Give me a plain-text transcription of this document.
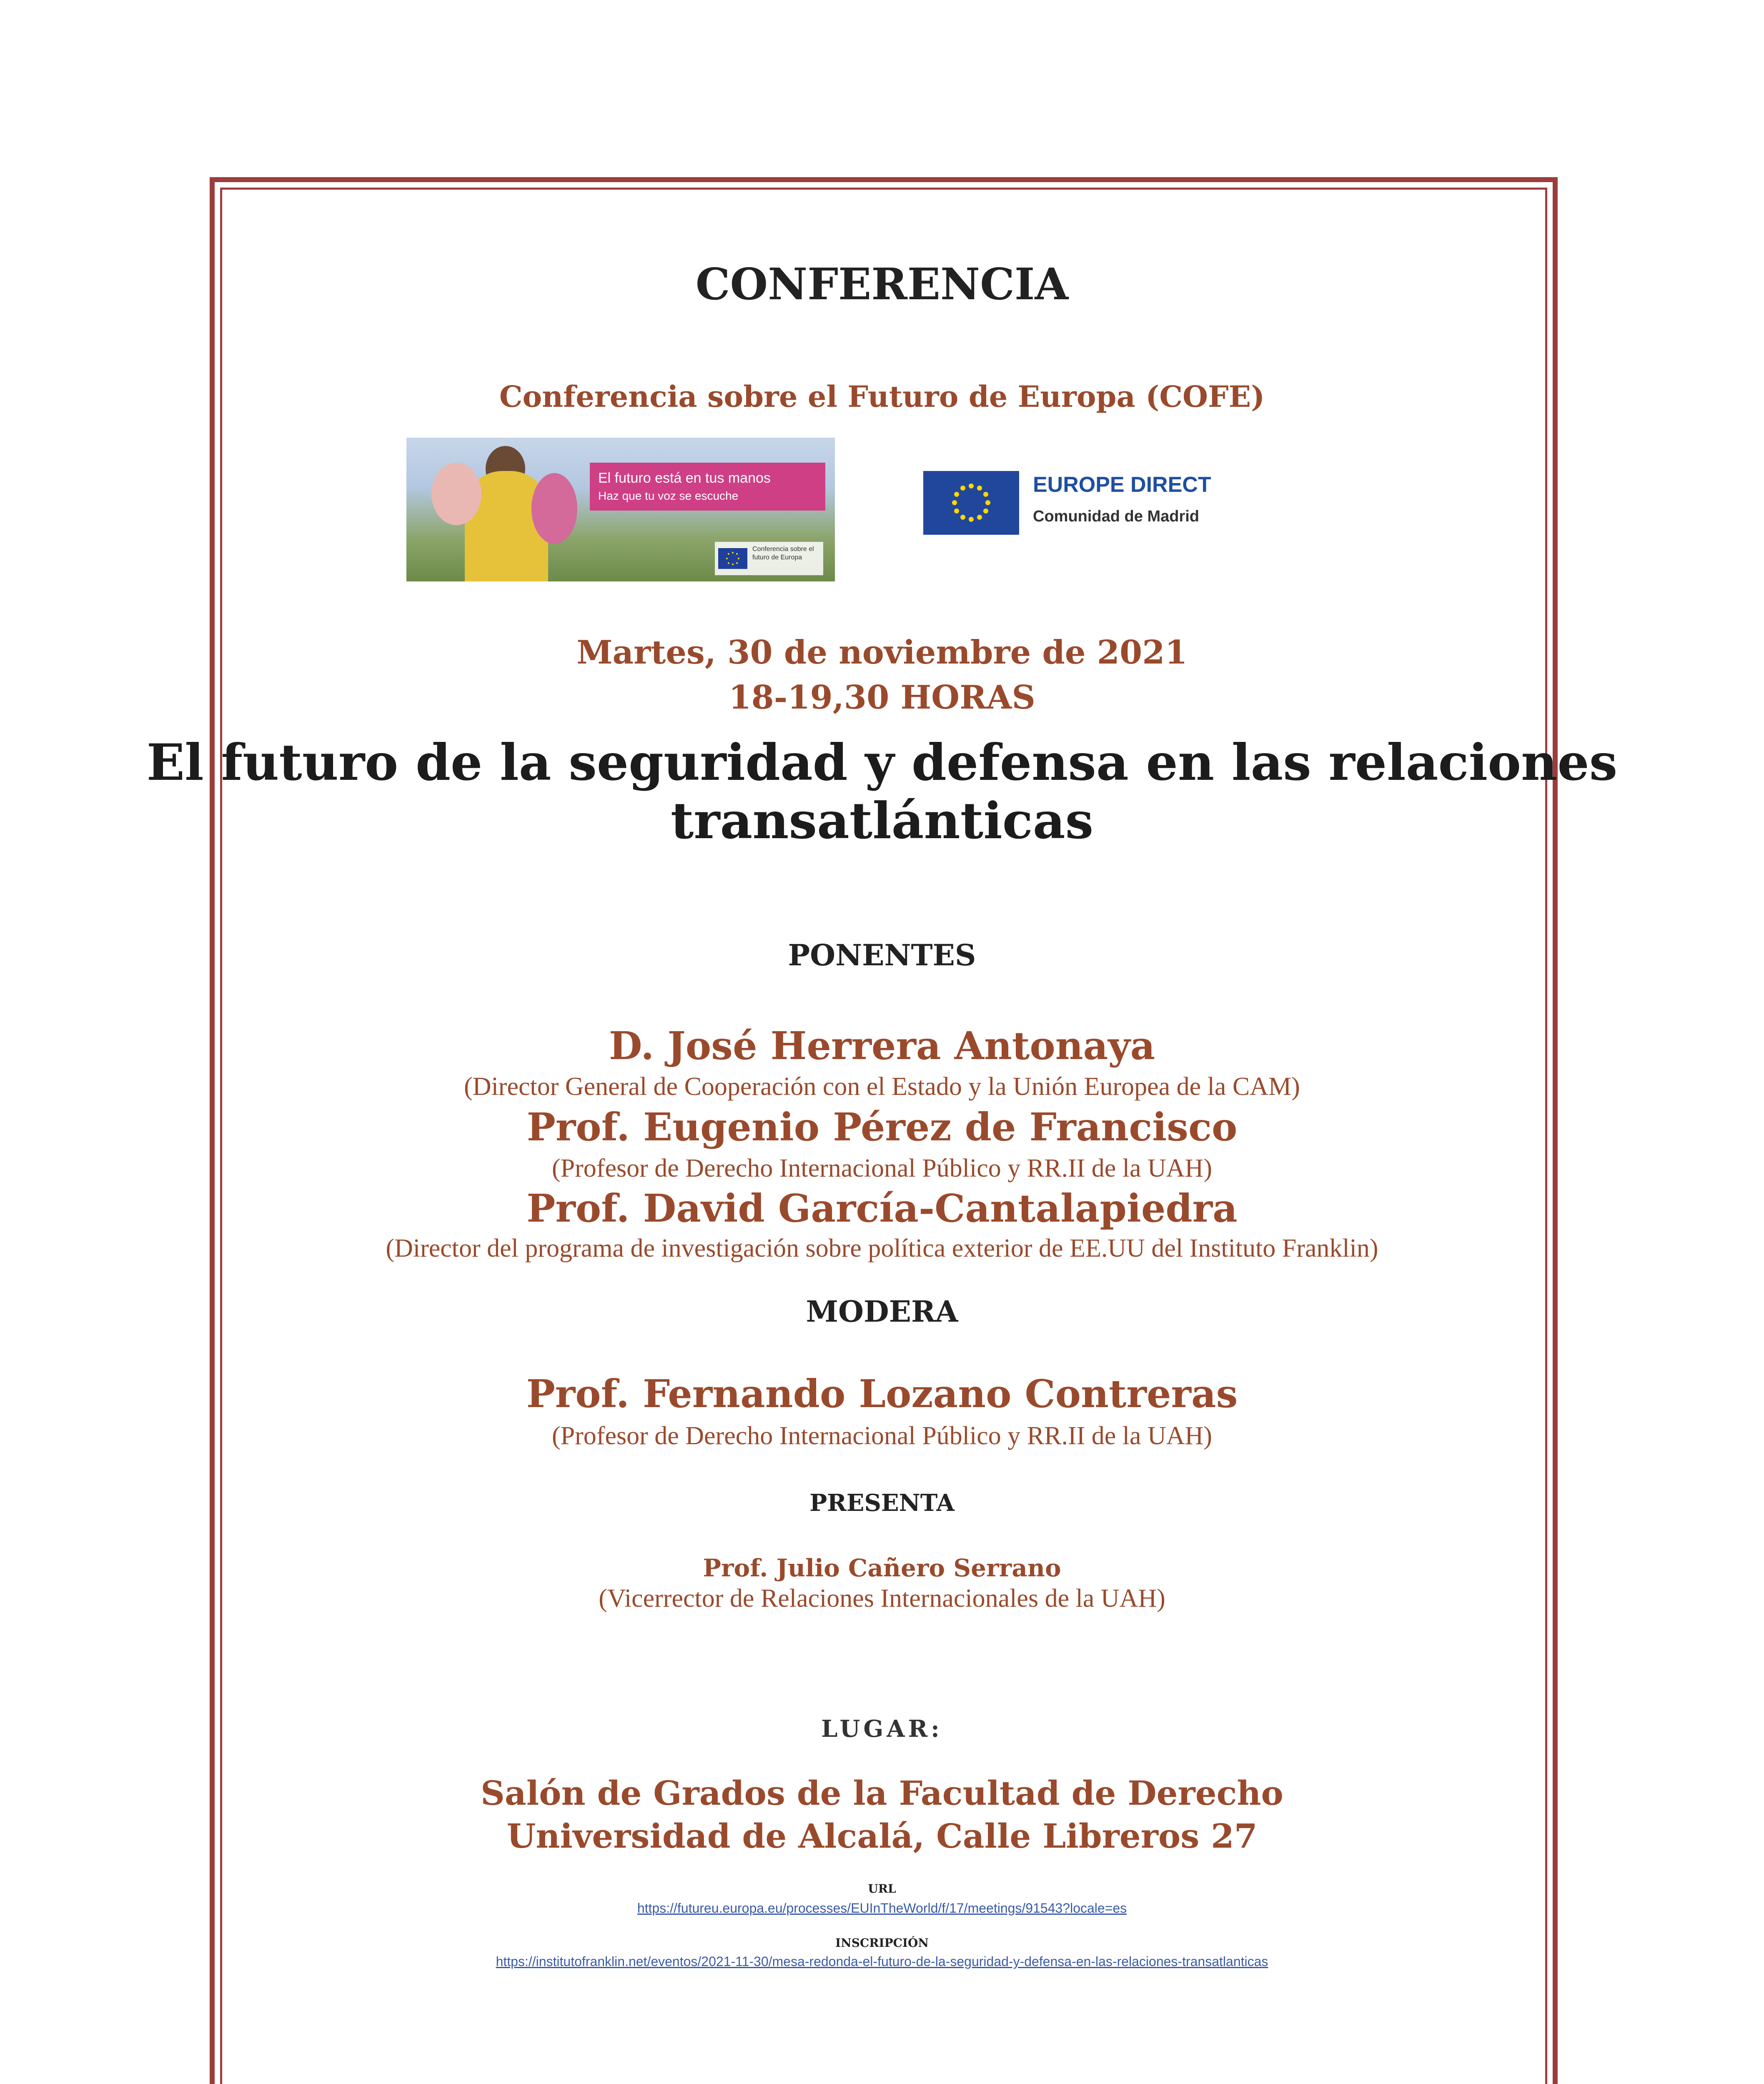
CONFERENCIA
Conferencia sobre el Futuro de Europa (COFE)
El futuro está en tus manos
Haz que tu voz se escuche
Conferencia sobre el futuro de Europa
EUROPE DIRECT
Comunidad de Madrid
Martes, 30 de noviembre de 2021
18-19,30 HORAS
El futuro de la seguridad y defensa en las relaciones
transatlánticas
PONENTES
D. José Herrera Antonaya
(Director General de Cooperación con el Estado y la Unión Europea de la CAM)
Prof. Eugenio Pérez de Francisco
(Profesor de Derecho Internacional Público y RR.II de la UAH)
Prof. David García-Cantalapiedra
(Director del programa de investigación sobre política exterior de EE.UU del Instituto Franklin)
MODERA
Prof. Fernando Lozano Contreras
(Profesor de Derecho Internacional Público y RR.II de la UAH)
PRESENTA
Prof. Julio Cañero Serrano
(Vicerrector de Relaciones Internacionales de la UAH)
LUGAR:
Salón de Grados de la Facultad de Derecho
Universidad de Alcalá, Calle Libreros 27
URL
https://futureu.europa.eu/processes/EUInTheWorld/f/17/meetings/91543?locale=es
INSCRIPCIÓN
https://institutofranklin.net/eventos/2021-11-30/mesa-redonda-el-futuro-de-la-seguridad-y-defensa-en-las-relaciones-transatlanticas
